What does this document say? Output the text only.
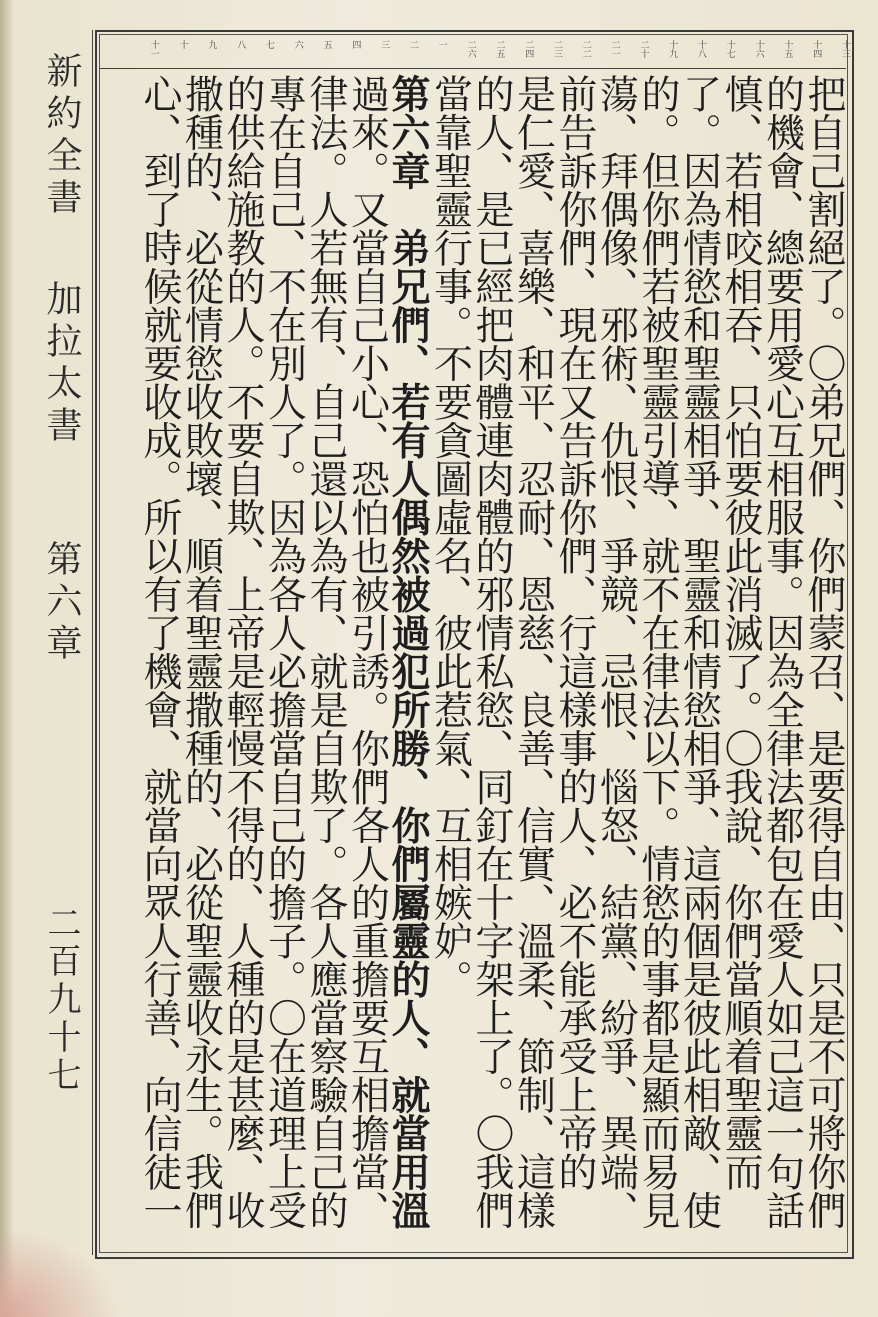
十三
十四
十五
十六
十七
十八
十九
二十
二一
二二
二三
二四
二五
二六
一
二
三
四
五
六
七
八
九
十
十一
把自己割絕了。〇弟兄們、你們蒙召、是要得自由、只是不可將你們
的機會、總要用愛心互相服事。因為全律法都包在愛人如己這一句話
慎、若相咬相吞、只怕要彼此消滅了。〇我說、你們當順着聖靈而
了。因為情慾和聖靈相爭、聖靈和情慾相爭、這兩個是彼此相敵、使
的。但你們若被聖靈引導、就不在律法以下。情慾的事都是顯而易見
蕩、拜偶像、邪術、仇恨、爭競、忌恨、惱怒、結黨、紛爭、異端、
前告訴你們、現在又告訴你們、行這樣事的人、必不能承受上帝的
是仁愛、喜樂、和平、忍耐、恩慈、良善、信實、溫柔、節制、這樣
的人、是已經把肉體連肉體的邪情私慾、同釘在十字架上了。〇我們
當靠聖靈行事。不要貪圖虛名、彼此惹氣、互相嫉妒。
第六章　弟兄們、若有人偶然被過犯所勝、你們屬靈的人、就當用溫
過來。又當自己小心、恐怕也被引誘。你們各人的重擔要互相擔當、
律法。人若無有、自己還以為有、就是自欺了。各人應當察驗自己的
專在自己、不在別人了。因為各人必擔當自己的擔子。〇在道理上受
的供給施教的人。不要自欺、上帝是輕慢不得的、人種的是甚麼、收
撒種的、必從情慾收敗壞、順着聖靈撒種的、必從聖靈收永生。我們
心、到了時候就要收成。所以有了機會、就當向眾人行善、向信徒一
新約全書
加拉太書
第六章
二百九十七
